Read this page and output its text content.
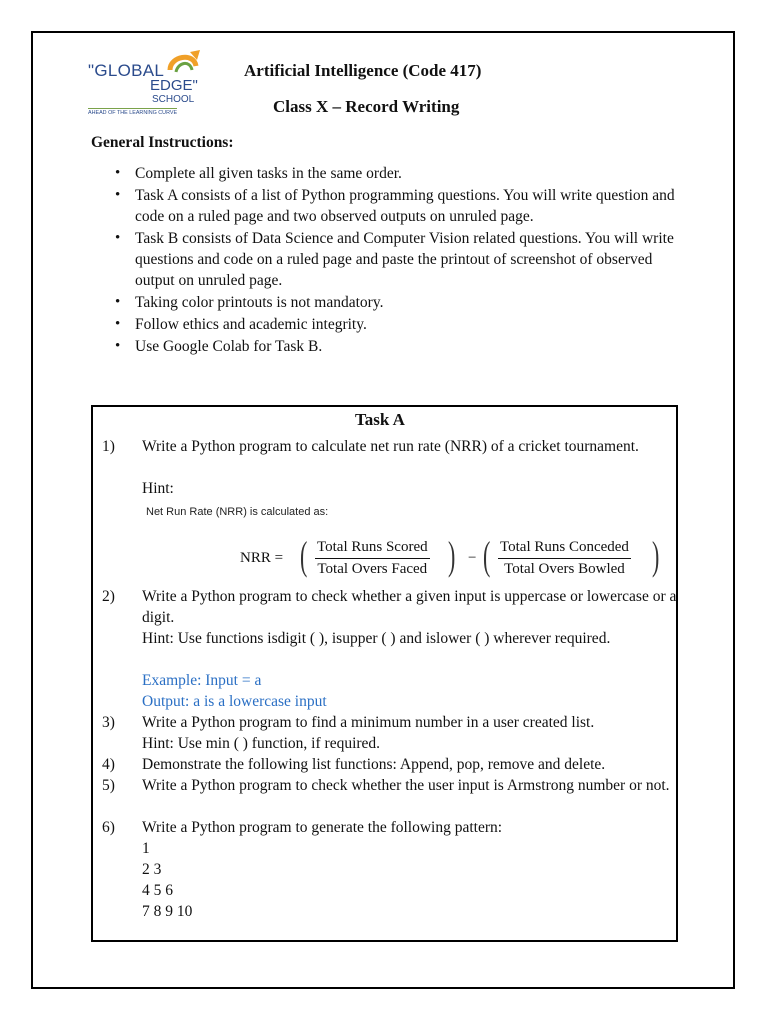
"GLOBAL
EDGE"
SCHOOL
AHEAD OF THE LEARNING CURVE
Artificial Intelligence (Code 417)
Class X – Record Writing
General Instructions:
• Complete all given tasks in the same order.
• Task A consists of a list of Python programming questions. You will write question and code on a ruled page and two observed outputs on unruled page.
• Task B consists of Data Science and Computer Vision related questions. You will write questions and code on a ruled page and paste the printout of screenshot of observed output on unruled page.
• Taking color printouts is not mandatory.
• Follow ethics and academic integrity.
• Use Google Colab for Task B.
Task A
1) Write a Python program to calculate net run rate (NRR) of a cricket tournament.
Hint:
Net Run Rate (NRR) is calculated as:
NRR = ( Total Runs Scored
Total Overs Faced ) − ( Total Runs Conceded
Total Overs Bowled )
2) Write a Python program to check whether a given input is uppercase or lowercase or a digit.
Hint: Use functions isdigit ( ), isupper ( ) and islower ( ) wherever required.
Example: Input = a
Output: a is a lowercase input
3) Write a Python program to find a minimum number in a user created list.
Hint: Use min ( ) function, if required.
4) Demonstrate the following list functions: Append, pop, remove and delete.
5) Write a Python program to check whether the user input is Armstrong number or not.
6) Write a Python program to generate the following pattern:
1
2 3
4 5 6
7 8 9 10
